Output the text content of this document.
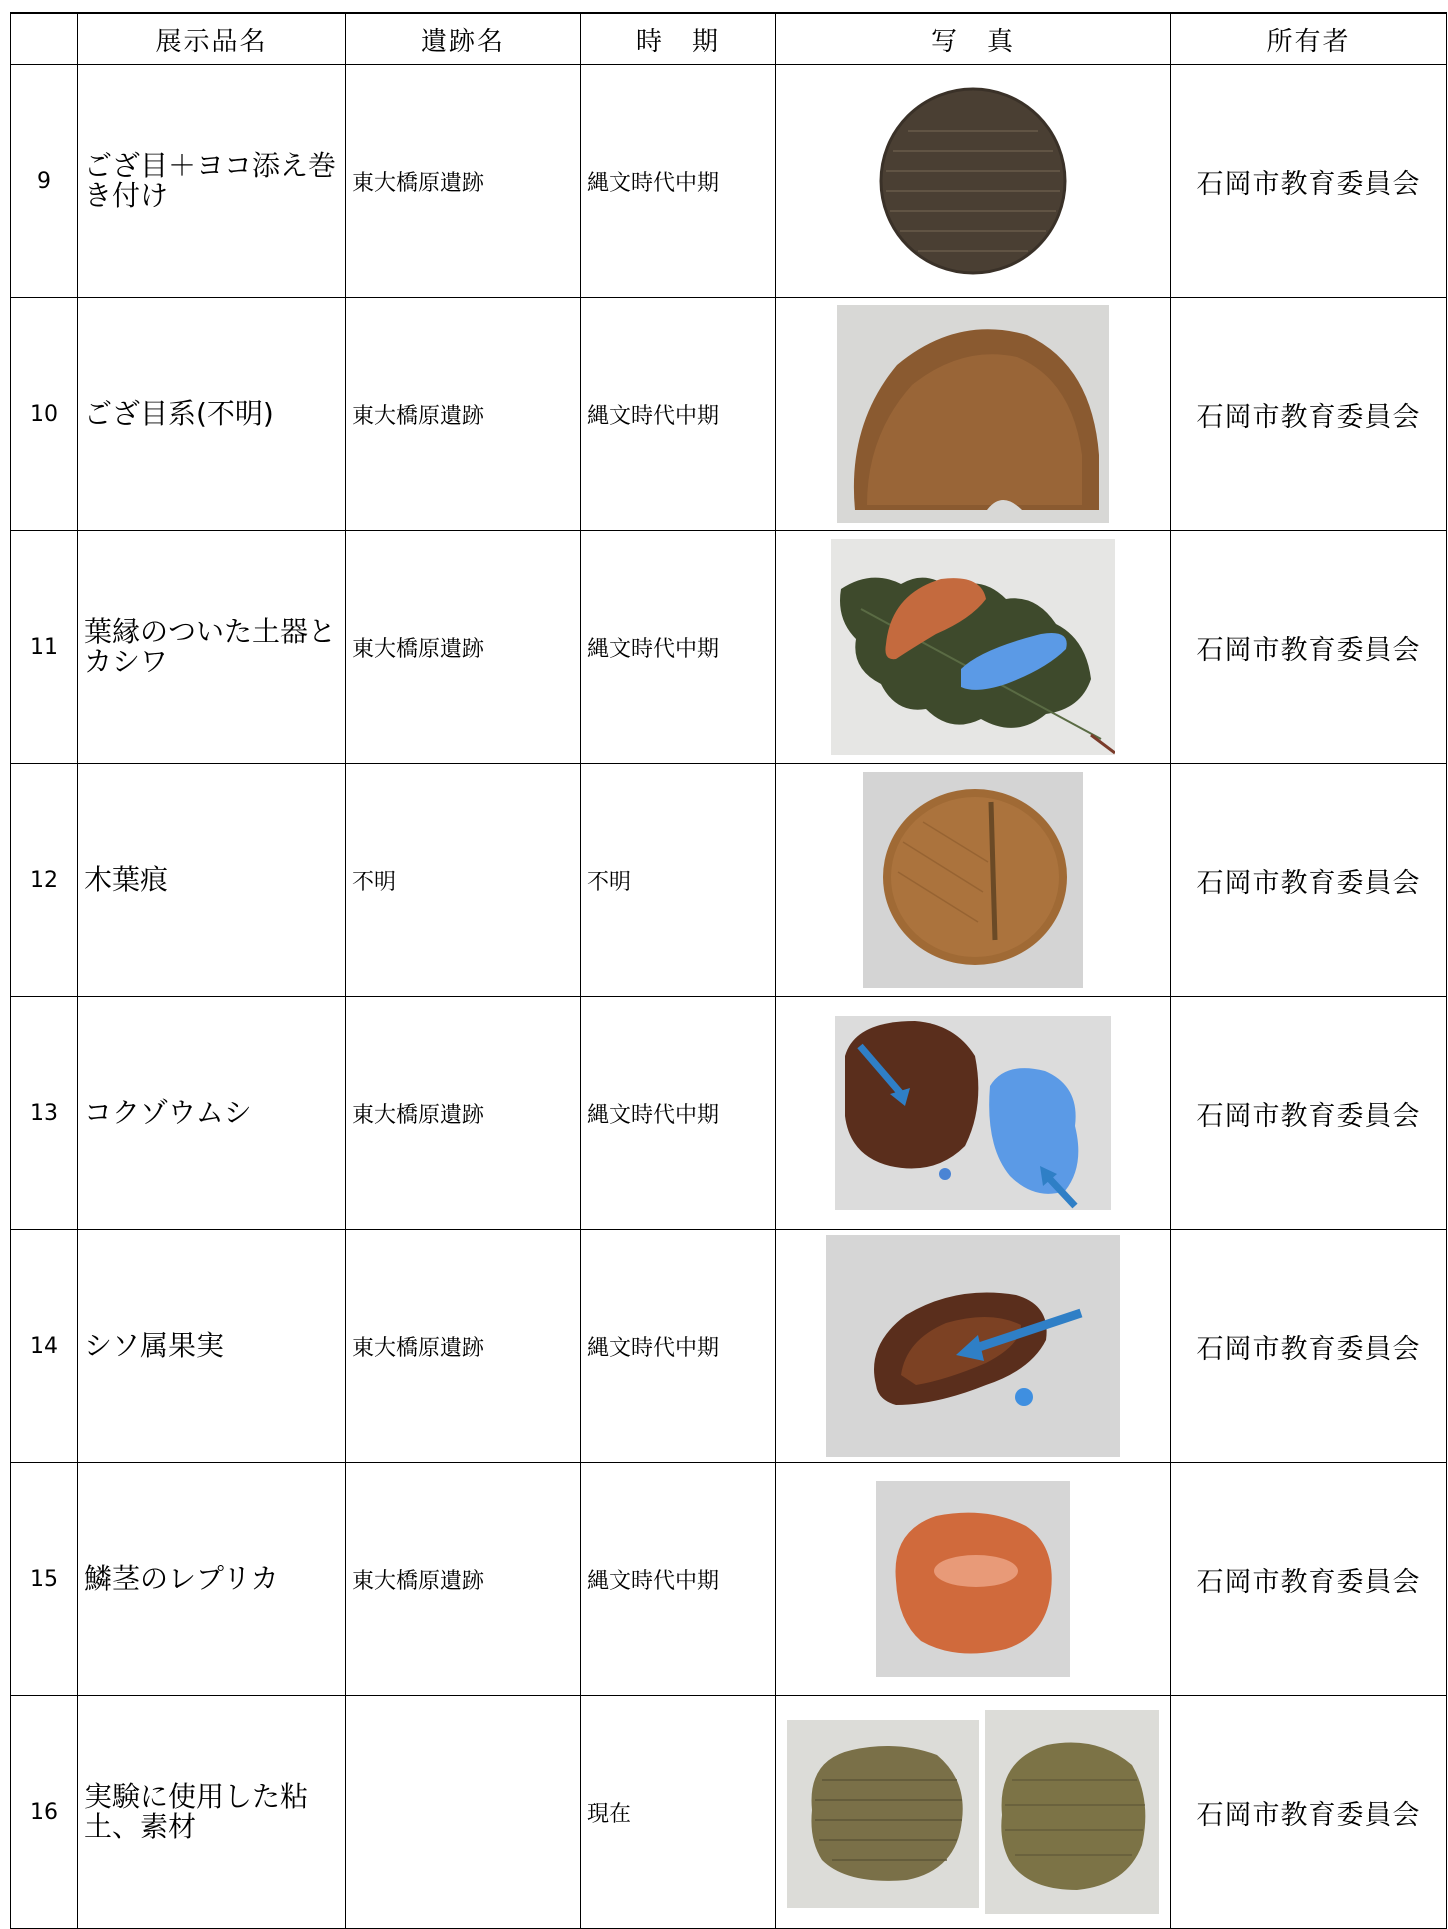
	展示品名	遺跡名	時　期	写　真	所有者
9	ござ目＋ヨコ添え巻き付け	東大橋原遺跡	縄文時代中期		石岡市教育委員会
10	ござ目系(不明)	東大橋原遺跡	縄文時代中期		石岡市教育委員会
11	葉縁のついた土器とカシワ	東大橋原遺跡	縄文時代中期		石岡市教育委員会
12	木葉痕	不明	不明		石岡市教育委員会
13	コクゾウムシ	東大橋原遺跡	縄文時代中期		石岡市教育委員会
14	シソ属果実	東大橋原遺跡	縄文時代中期		石岡市教育委員会
15	鱗茎のレプリカ	東大橋原遺跡	縄文時代中期		石岡市教育委員会
16	実験に使用した粘土、素材		現在		石岡市教育委員会
